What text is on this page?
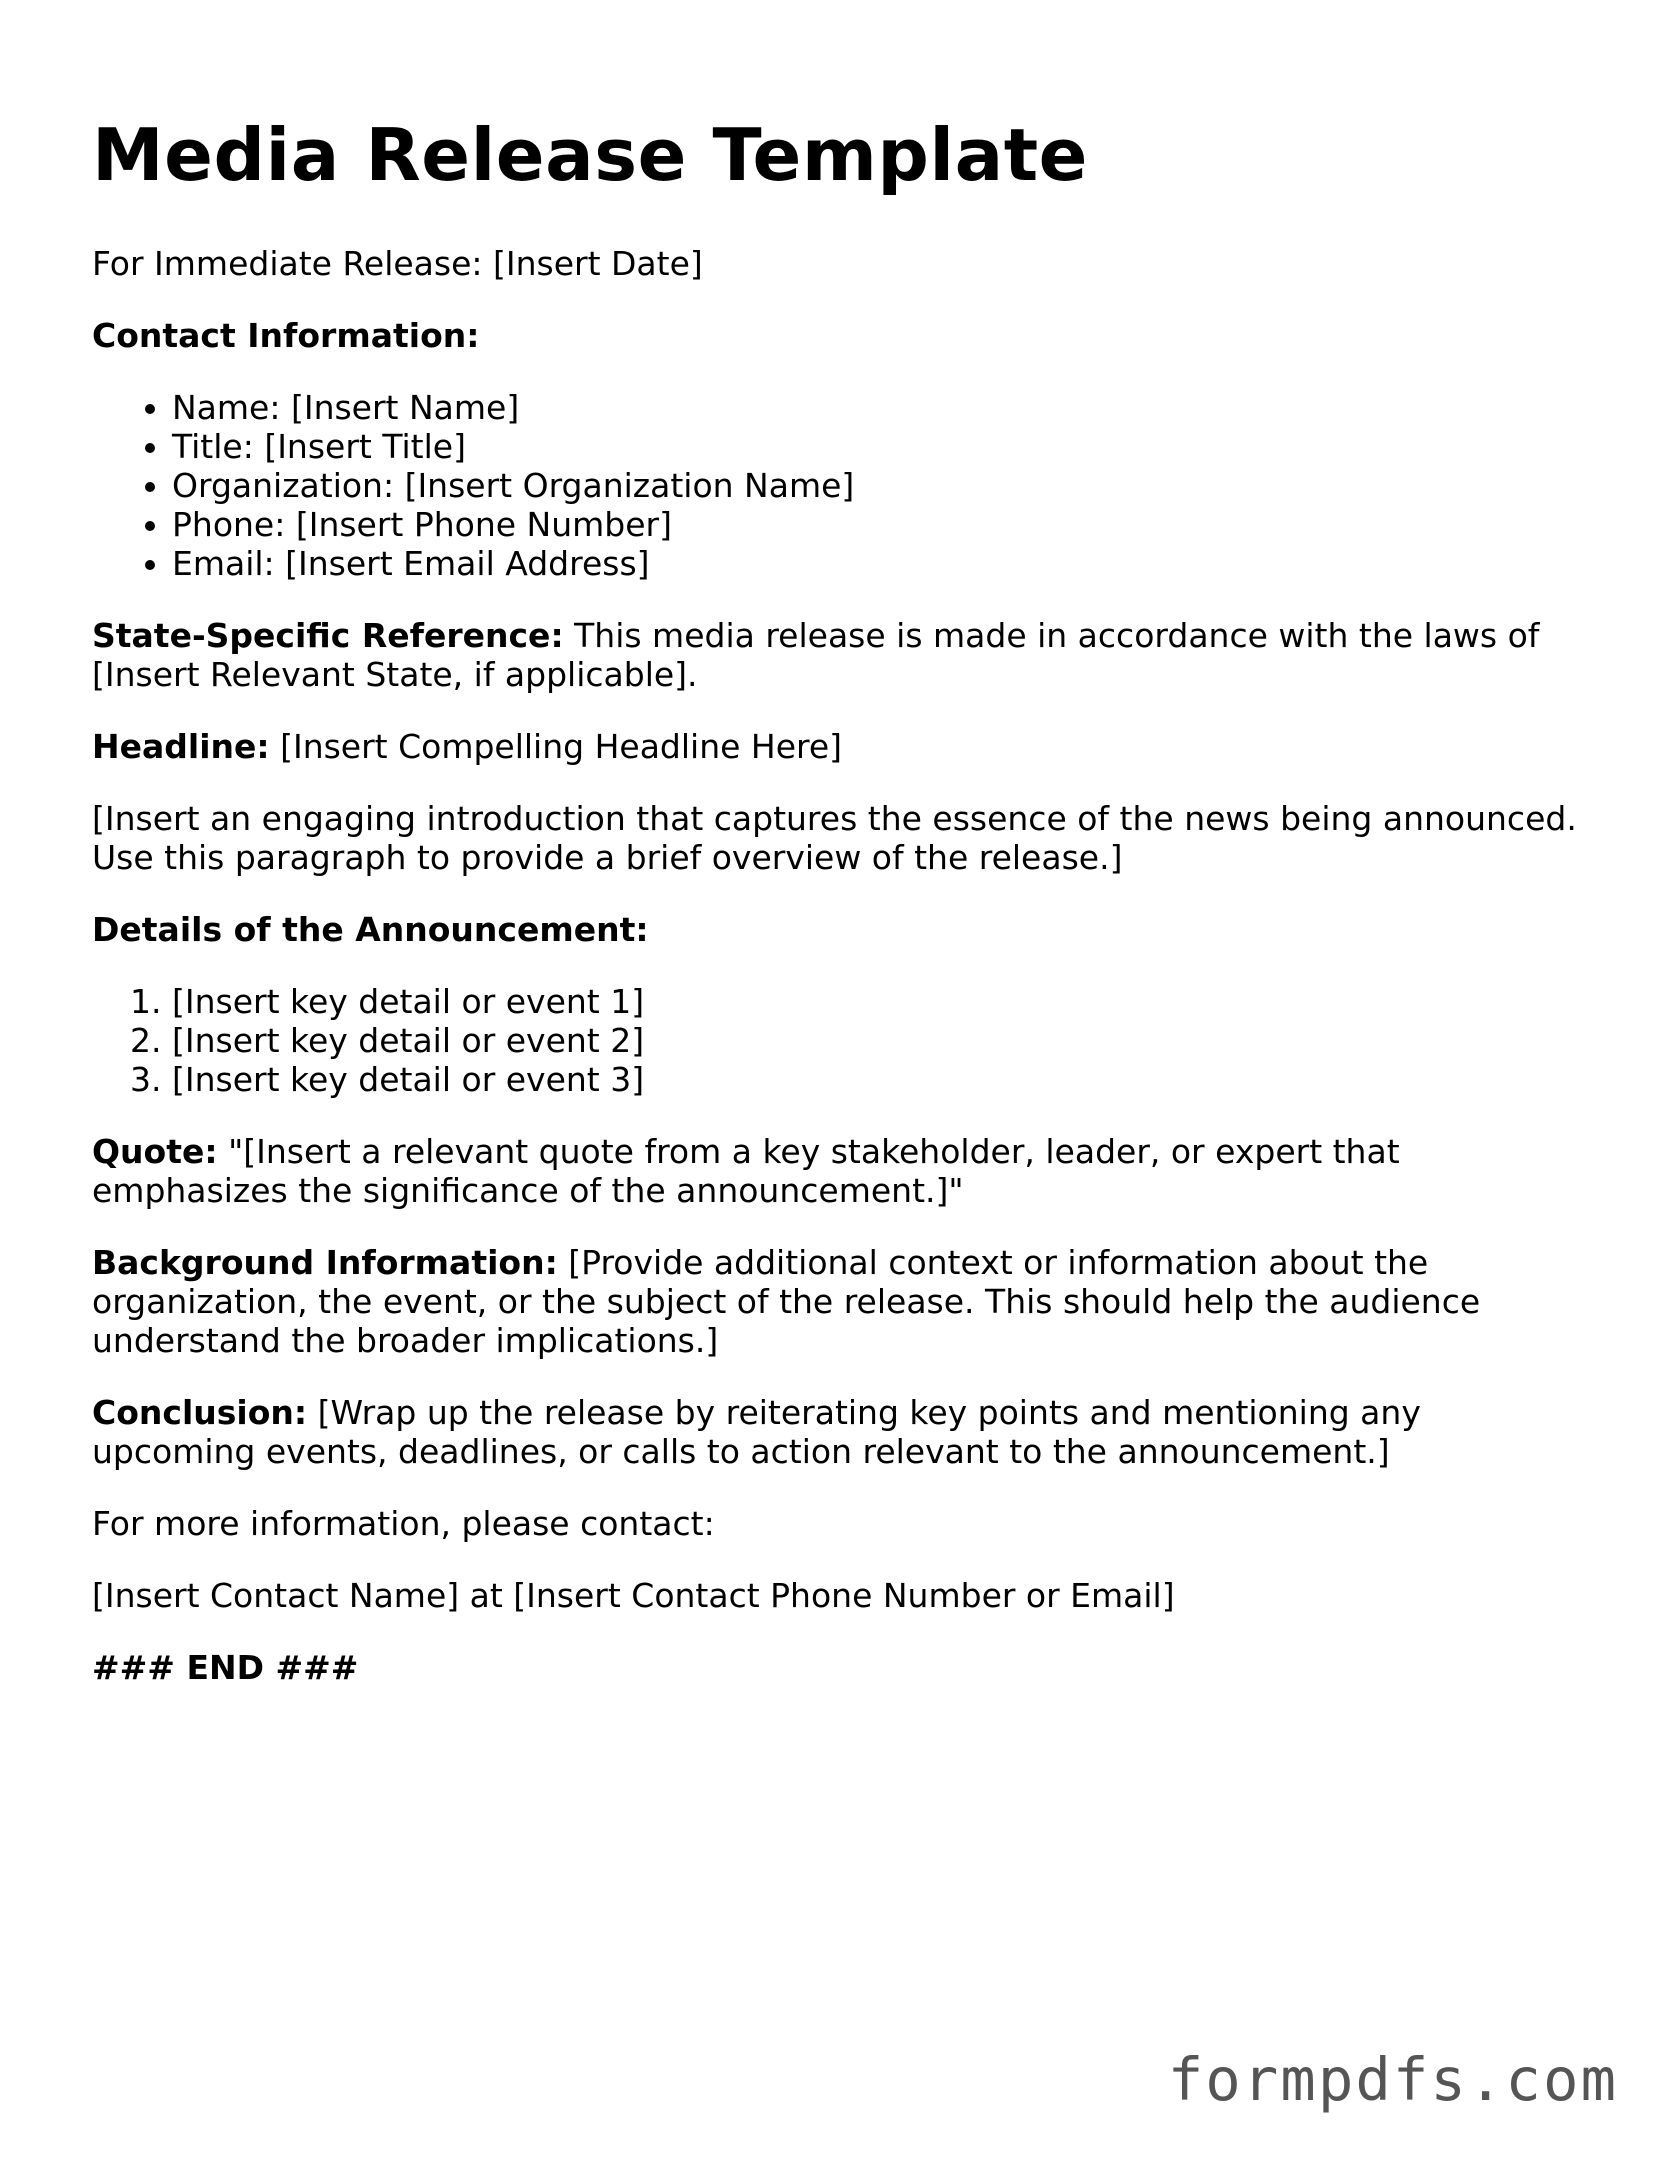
Media Release Template

For Immediate Release: [Insert Date]

Contact Information:

• Name: [Insert Name]
• Title: [Insert Title]
• Organization: [Insert Organization Name]
• Phone: [Insert Phone Number]
• Email: [Insert Email Address]

State-Specific Reference: This media release is made in accordance with the laws of [Insert Relevant State, if applicable].

Headline: [Insert Compelling Headline Here]

[Insert an engaging introduction that captures the essence of the news being announced. Use this paragraph to provide a brief overview of the release.]

Details of the Announcement:

1. [Insert key detail or event 1]
2. [Insert key detail or event 2]
3. [Insert key detail or event 3]

Quote: "[Insert a relevant quote from a key stakeholder, leader, or expert that emphasizes the significance of the announcement.]"

Background Information: [Provide additional context or information about the organization, the event, or the subject of the release. This should help the audience understand the broader implications.]

Conclusion: [Wrap up the release by reiterating key points and mentioning any upcoming events, deadlines, or calls to action relevant to the announcement.]

For more information, please contact:

[Insert Contact Name] at [Insert Contact Phone Number or Email]

### END ###

formpdfs.com
